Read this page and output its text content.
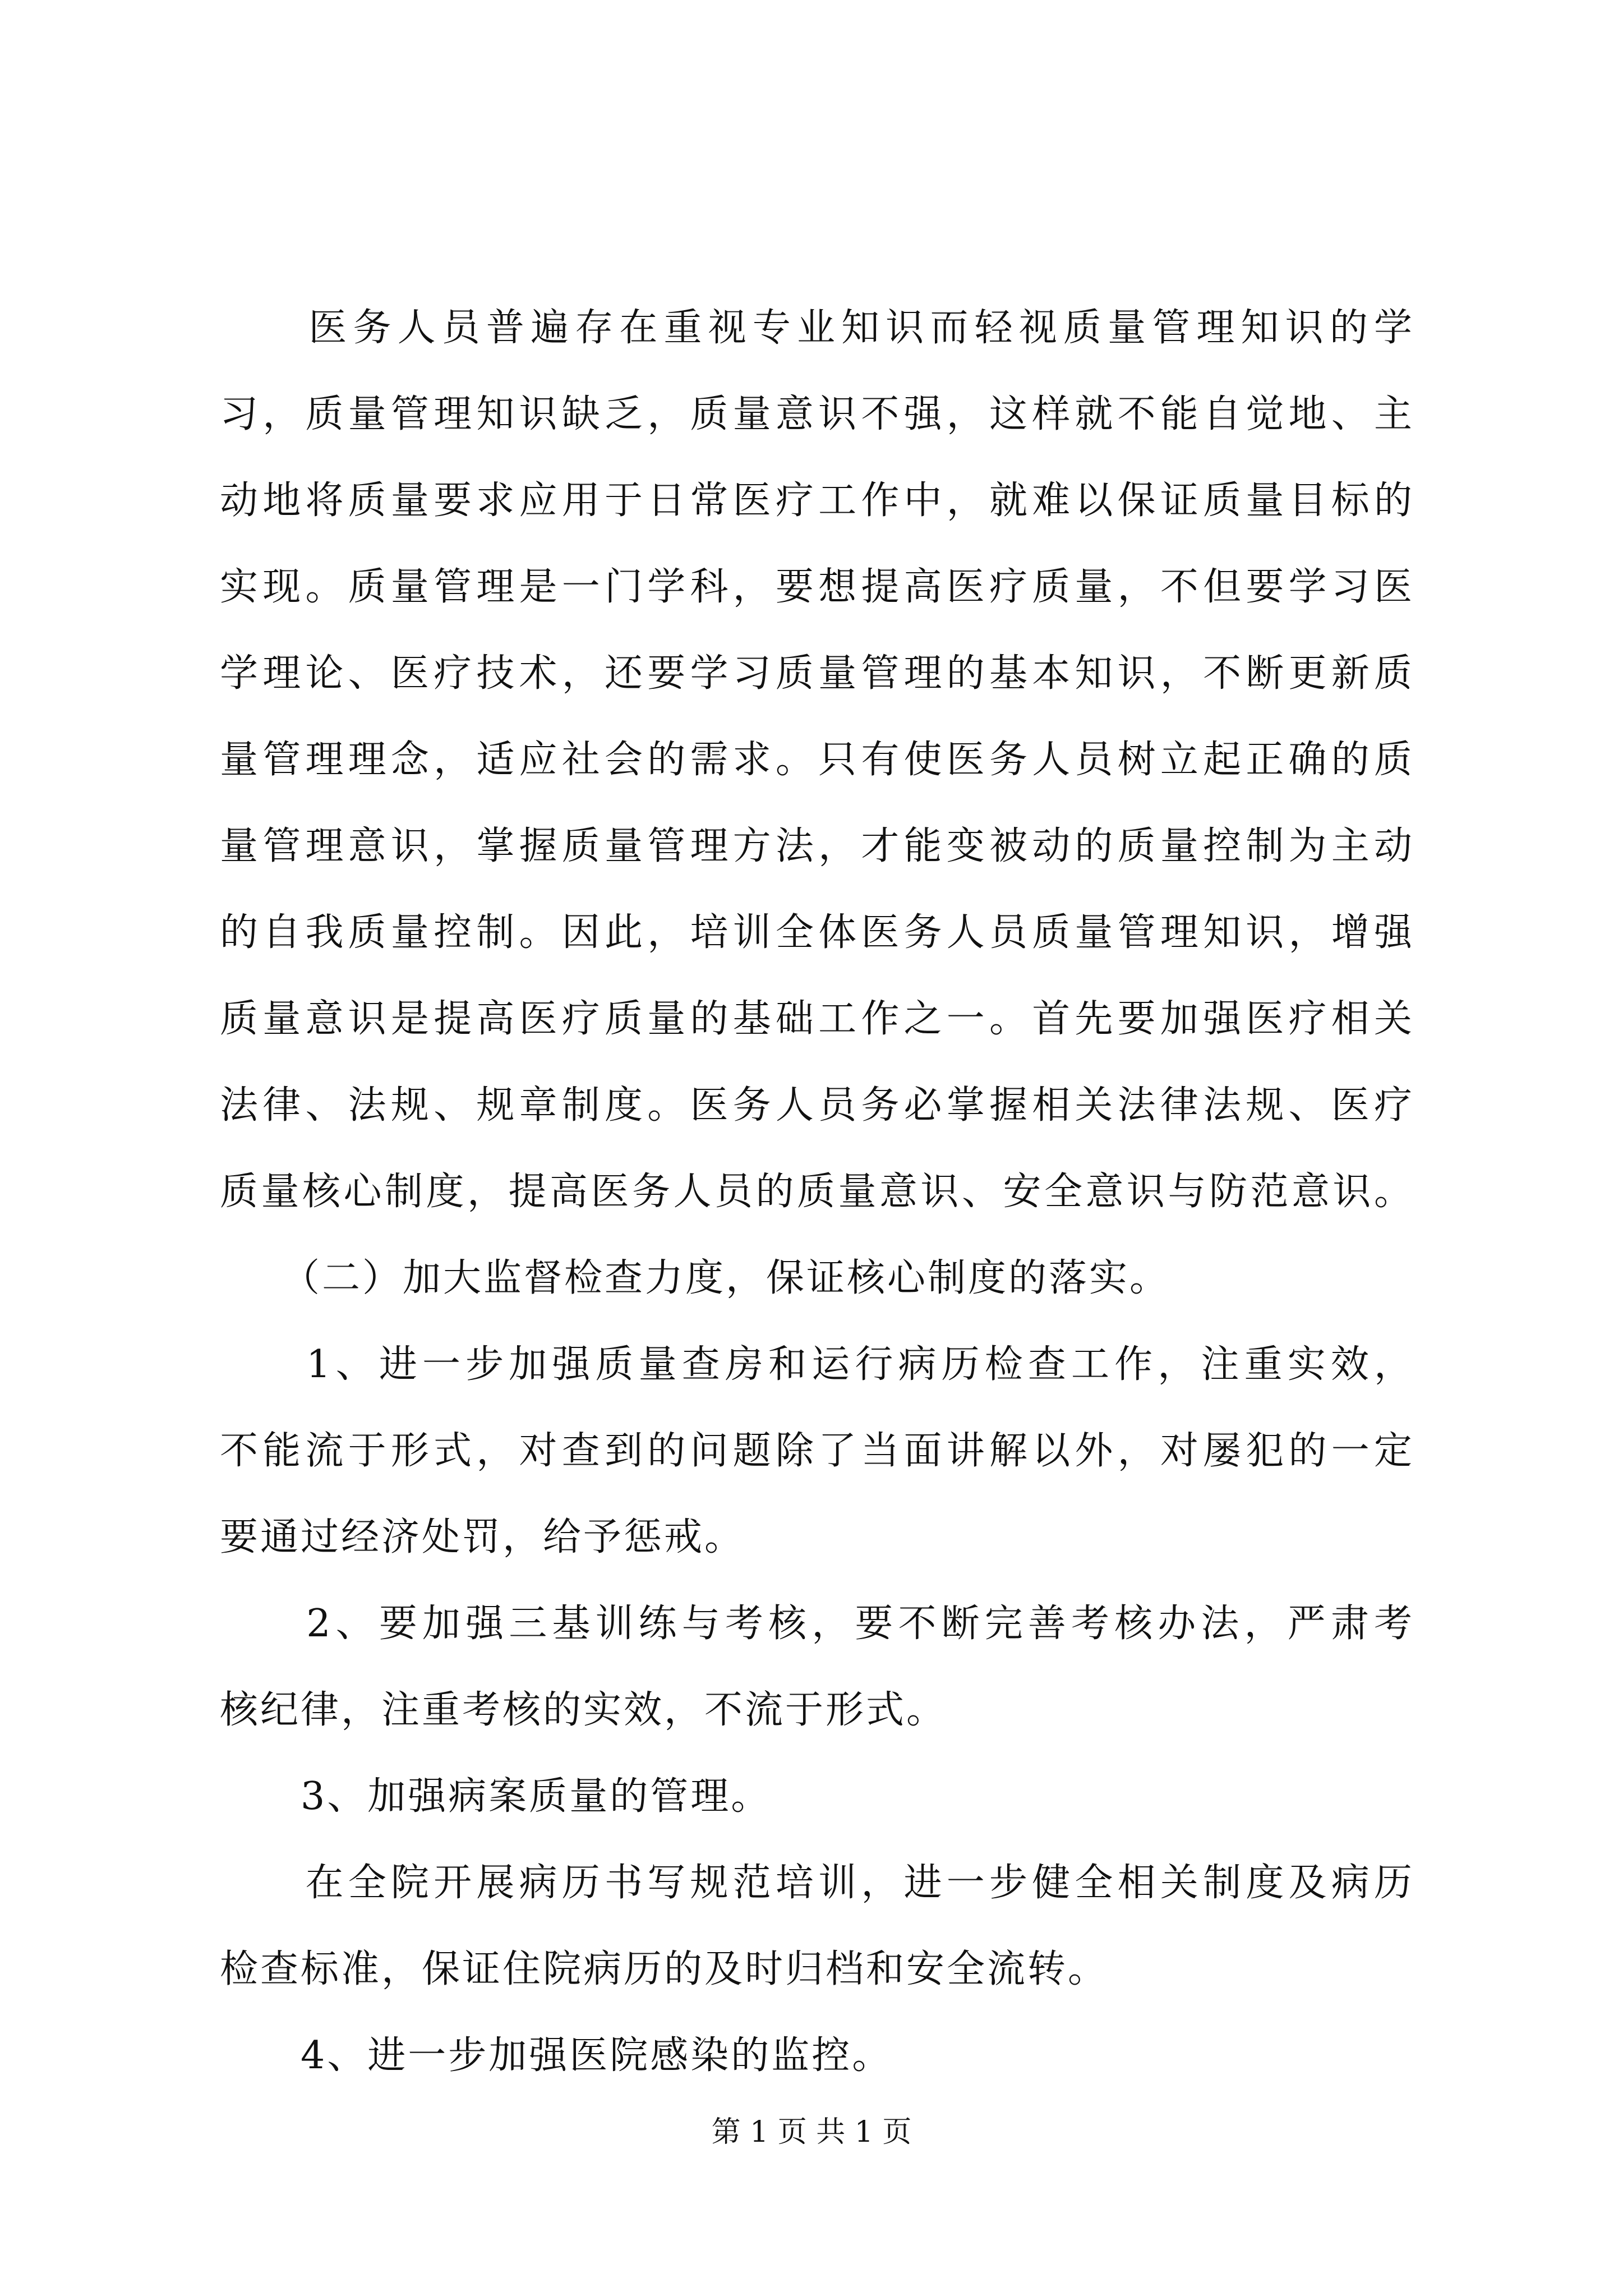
　　医务人员普遍存在重视专业知识而轻视质量管理知识的学
习，质量管理知识缺乏，质量意识不强，这样就不能自觉地、主
动地将质量要求应用于日常医疗工作中，就难以保证质量目标的
实现。质量管理是一门学科，要想提高医疗质量，不但要学习医
学理论、医疗技术，还要学习质量管理的基本知识，不断更新质
量管理理念，适应社会的需求。只有使医务人员树立起正确的质
量管理意识，掌握质量管理方法，才能变被动的质量控制为主动
的自我质量控制。因此，培训全体医务人员质量管理知识，增强
质量意识是提高医疗质量的基础工作之一。首先要加强医疗相关
法律、法规、规章制度。医务人员务必掌握相关法律法规、医疗
质量核心制度，提高医务人员的质量意识、安全意识与防范意识。
　　（二）加大监督检查力度，保证核心制度的落实。
　　1、进一步加强质量查房和运行病历检查工作，注重实效，
不能流于形式，对查到的问题除了当面讲解以外，对屡犯的一定
要通过经济处罚，给予惩戒。
　　2、要加强三基训练与考核，要不断完善考核办法，严肃考
核纪律，注重考核的实效，不流于形式。
　　3、加强病案质量的管理。
　　在全院开展病历书写规范培训，进一步健全相关制度及病历
检查标准，保证住院病历的及时归档和安全流转。
　　4、进一步加强医院感染的监控。
第 1 页 共 1 页
